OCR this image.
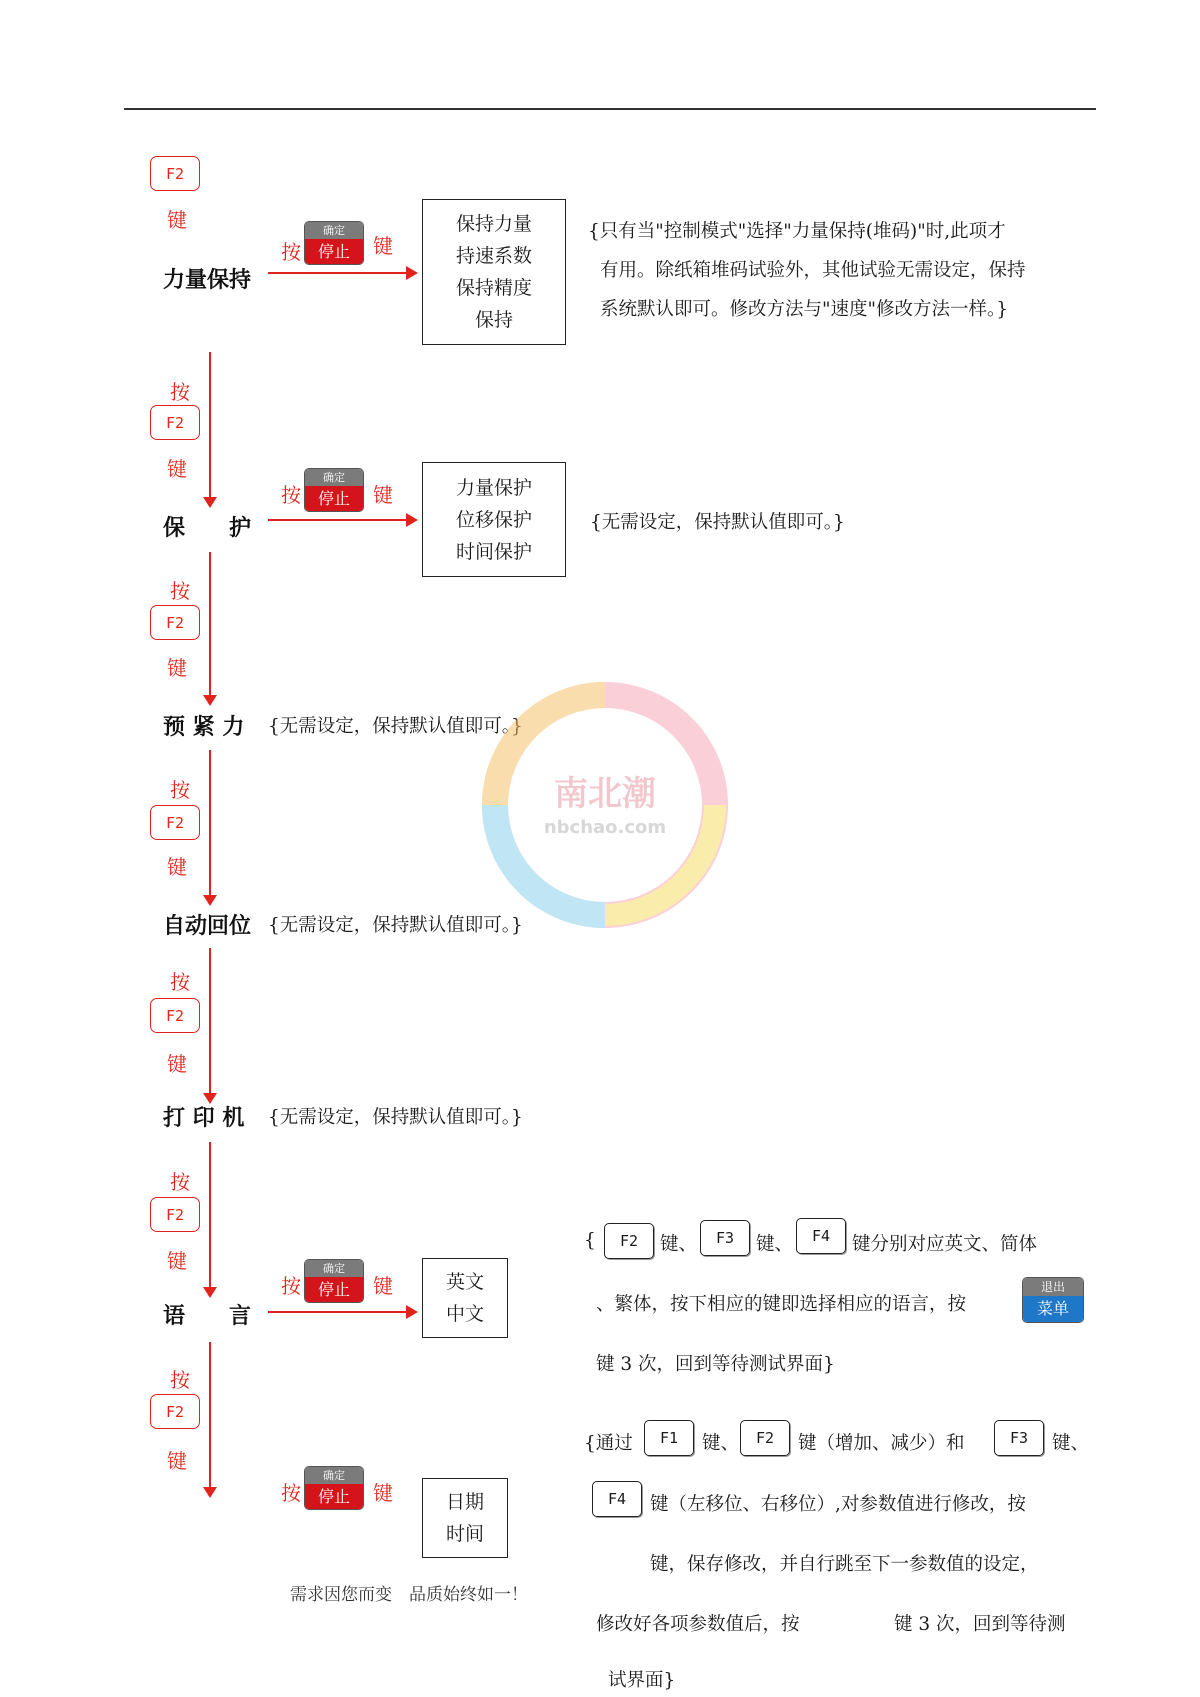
F2
键
力量保持
按
F2
键
保　　护
按
F2
键
预 紧 力 {无需设定，保持默认值即可。}
按
F2
键
自动回位 {无需设定，保持默认值即可。}
按
F2
键
打 印 机 {无需设定，保持默认值即可。}
按
F2
键
语　　言
按
F2
键
按
确定
停止	键
按
确定
停止	键
按
确定
停止	键
按
确定
停止	键
保持力量
持速系数
保持精度
保持
力量保护
位移保护
时间保护
英文
中文
日期
时间
{只有当"控制模式"选择"力量保持(堆码)"时,此项才
有用。除纸箱堆码试验外，其他试验无需设定，保持
系统默认即可。修改方法与"速度"修改方法一样。}
{无需设定，保持默认值即可。}
{	F2	键、	F3	键、	F4	键分别对应英文、简体
、繁体，按下相应的键即选择相应的语言，按
退出
菜单
键 3 次，回到等待测试界面}
{通过	F1	键、	F2	键（增加、减少）和	F3	键、
F4	键（左移位、右移位）,对参数值进行修改，按
键，保存修改，并自行跳至下一参数值的设定，
修改好各项参数值后，按	键 3 次，回到等待测
试界面}
需求因您而变　品质始终如一！
南北潮
nbchao.com
